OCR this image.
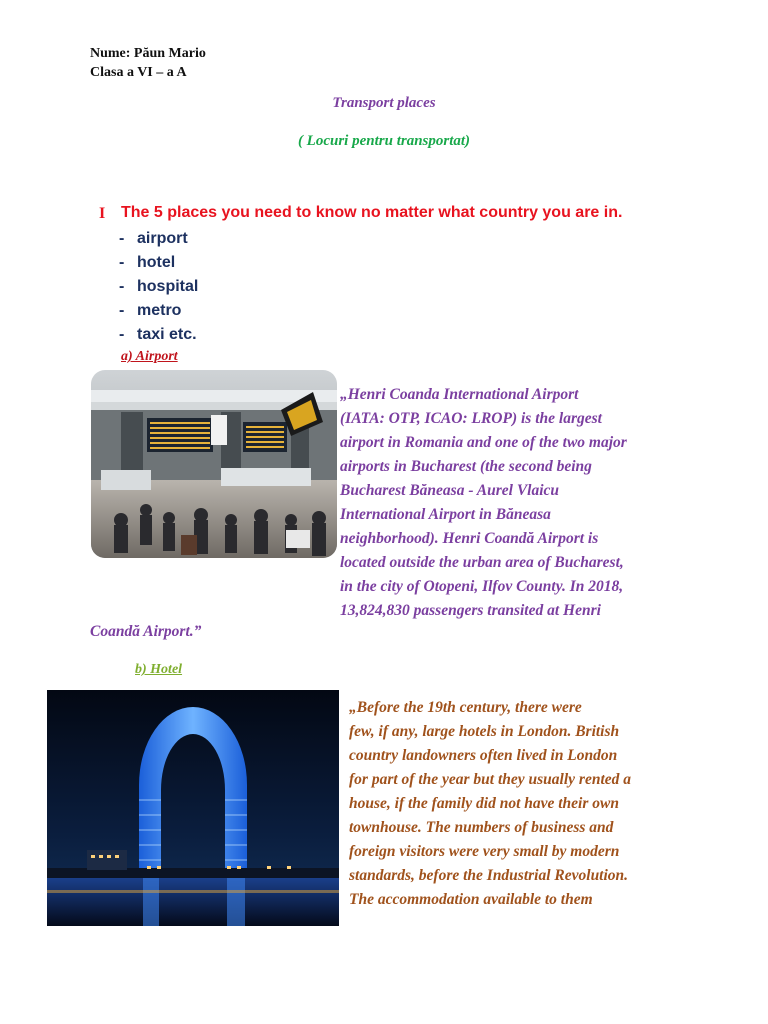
Nume: Păun Mario
Clasa a VI – a A
Transport places
( Locuri pentru transportat)
I The 5 places you need to know no matter what country you are in.
- airport
- hotel
- hospital
- metro
- taxi etc.
a) Airport
„Henri Coanda International Airport
(IATA: OTP, ICAO: LROP) is the largest
airport in Romania and one of the two major
airports in Bucharest (the second being
Bucharest Băneasa - Aurel Vlaicu
International Airport in Băneasa
neighborhood). Henri Coandă Airport is
located outside the urban area of Bucharest,
in the city of Otopeni, Ilfov County. In 2018,
13,824,830 passengers transited at Henri
Coandă Airport.”
b) Hotel
„Before the 19th century, there were
few, if any, large hotels in London. British
country landowners often lived in London
for part of the year but they usually rented a
house, if the family did not have their own
townhouse. The numbers of business and
foreign visitors were very small by modern
standards, before the Industrial Revolution.
The accommodation available to them
